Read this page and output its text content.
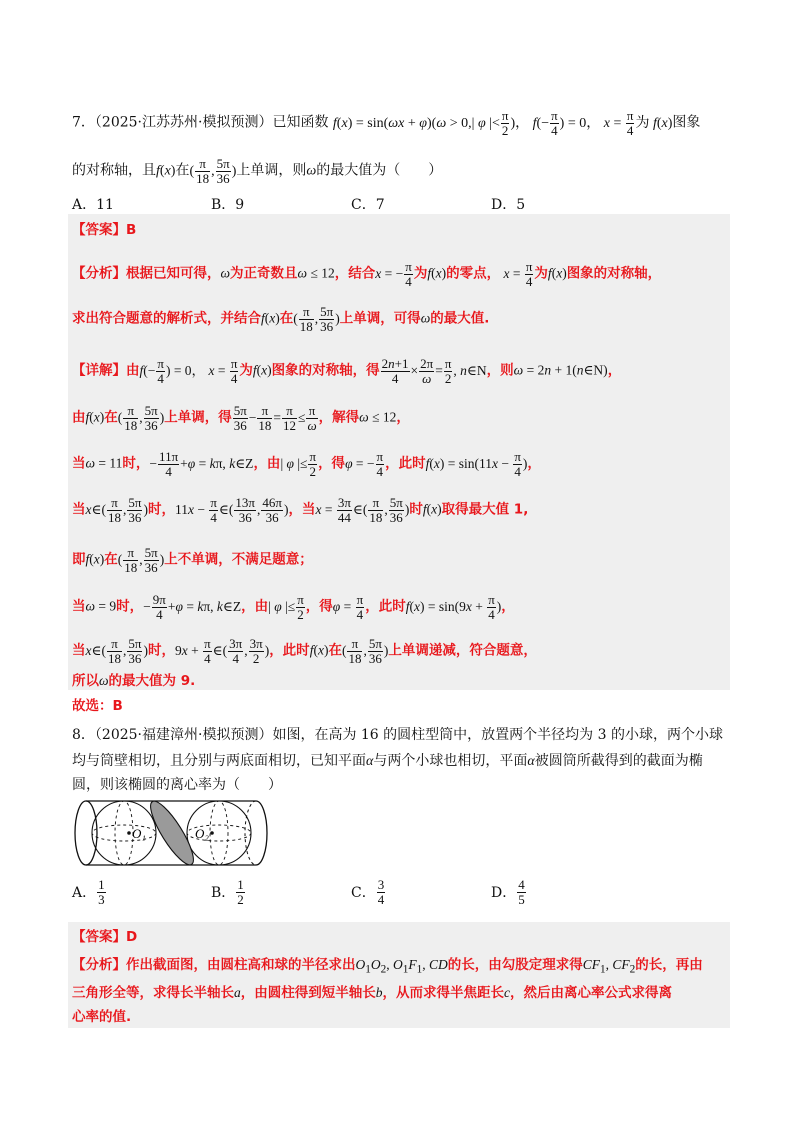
7．（2025·江苏苏州·模拟预测）已知函数 f(x) = sin(ωx + φ)(ω > 0,| φ |< $\frac{\pi}{2}$ )， $f(- \frac{\pi}{4}$ ) = 0， $x = \frac{\pi}{4}$ 为 f(x)图象
的对称轴，且f(x)在( $\frac{\pi}{18}$ , $\frac{5\pi}{36}$ )上单调，则ω的最大值为（　　）
A．11	B．9	C．7	D．5
【答案】B
【分析】根据已知可得，ω为正奇数且ω ≤ 12，结合x = − $\frac{\pi}{4}$ 为f(x)的零点， $x = \frac{\pi}{4}$ 为f(x)图象的对称轴，
求出符合题意的解析式，并结合f(x)在( $\frac{\pi}{18}$ , $\frac{5\pi}{36}$ )上单调，可得ω的最大值.
【详解】由$f(- \frac{\pi}{4}$ ) = 0， $x = \frac{\pi}{4}$ 为f(x)图象的对称轴，得 $\frac{2n+1}{4} \times \frac{2\pi}{\omega} = \frac{\pi}{2}$ , n∈N，则ω = 2n + 1(n∈N)，
由f(x)在( $\frac{\pi}{18}$ , $\frac{5\pi}{36}$ )上单调，得 $\frac{5\pi}{36} - \frac{\pi}{18} = \frac{\pi}{12} \le \frac{\pi}{\omega}$ ，解得ω ≤ 12，
当ω = 11时，− $\frac{11\pi}{4} +\varphi = k\pi$, k∈Z，由| φ |≤ $\frac{\pi}{2}$ ，得φ = − $\frac{\pi}{4}$ ，此时$f(x) = \sin(11x - \frac{\pi}{4}$ )，
当x∈( $\frac{\pi}{18}$ , $\frac{5\pi}{36}$ )时，$11x - \frac{\pi}{4}$ ∈( $\frac{13\pi}{36}$ , $\frac{46\pi}{36}$ )，当$x = \frac{3\pi}{44}$ ∈( $\frac{\pi}{18}$ , $\frac{5\pi}{36}$ )时f(x)取得最大值 1,
即f(x)在( $\frac{\pi}{18}$ , $\frac{5\pi}{36}$ )上不单调，不满足题意；
当ω = 9时，− $\frac{9\pi}{4} +\varphi = k\pi$, k∈Z，由| φ |≤ $\frac{\pi}{2}$ ，得$\varphi = \frac{\pi}{4}$ ，此时$f(x) = \sin(9x + \frac{\pi}{4}$ )，
当x∈( $\frac{\pi}{18}$ , $\frac{5\pi}{36}$ )时，$9x + \frac{\pi}{4}$ ∈( $\frac{3\pi}{4}$ , $\frac{3\pi}{2}$ )，此时f(x)在( $\frac{\pi}{18}$ , $\frac{5\pi}{36}$ )上单调递减，符合题意，
所以ω的最大值为 9.
故选：B
8．（2025·福建漳州·模拟预测）如图，在高为 16 的圆柱型筒中，放置两个半径均为 3 的小球，两个小球
均与筒壁相切，且分别与两底面相切，已知平面α与两个小球也相切，平面α被圆筒所截得到的截面为椭
圆，则该椭圆的离心率为（　　）
O₁	O₂
A． $\frac{1}{3}$	B． $\frac{1}{2}$	C． $\frac{3}{4}$	D． $\frac{4}{5}$
【答案】D
【分析】作出截面图，由圆柱高和球的半径求出$O_1O_2$, $O_1F_1$, CD的长，由勾股定理求得$CF_1$, $CF_2$的长，再由
三角形全等，求得长半轴长a，由圆柱得到短半轴长b，从而求得半焦距长c，然后由离心率公式求得离
心率的值.
